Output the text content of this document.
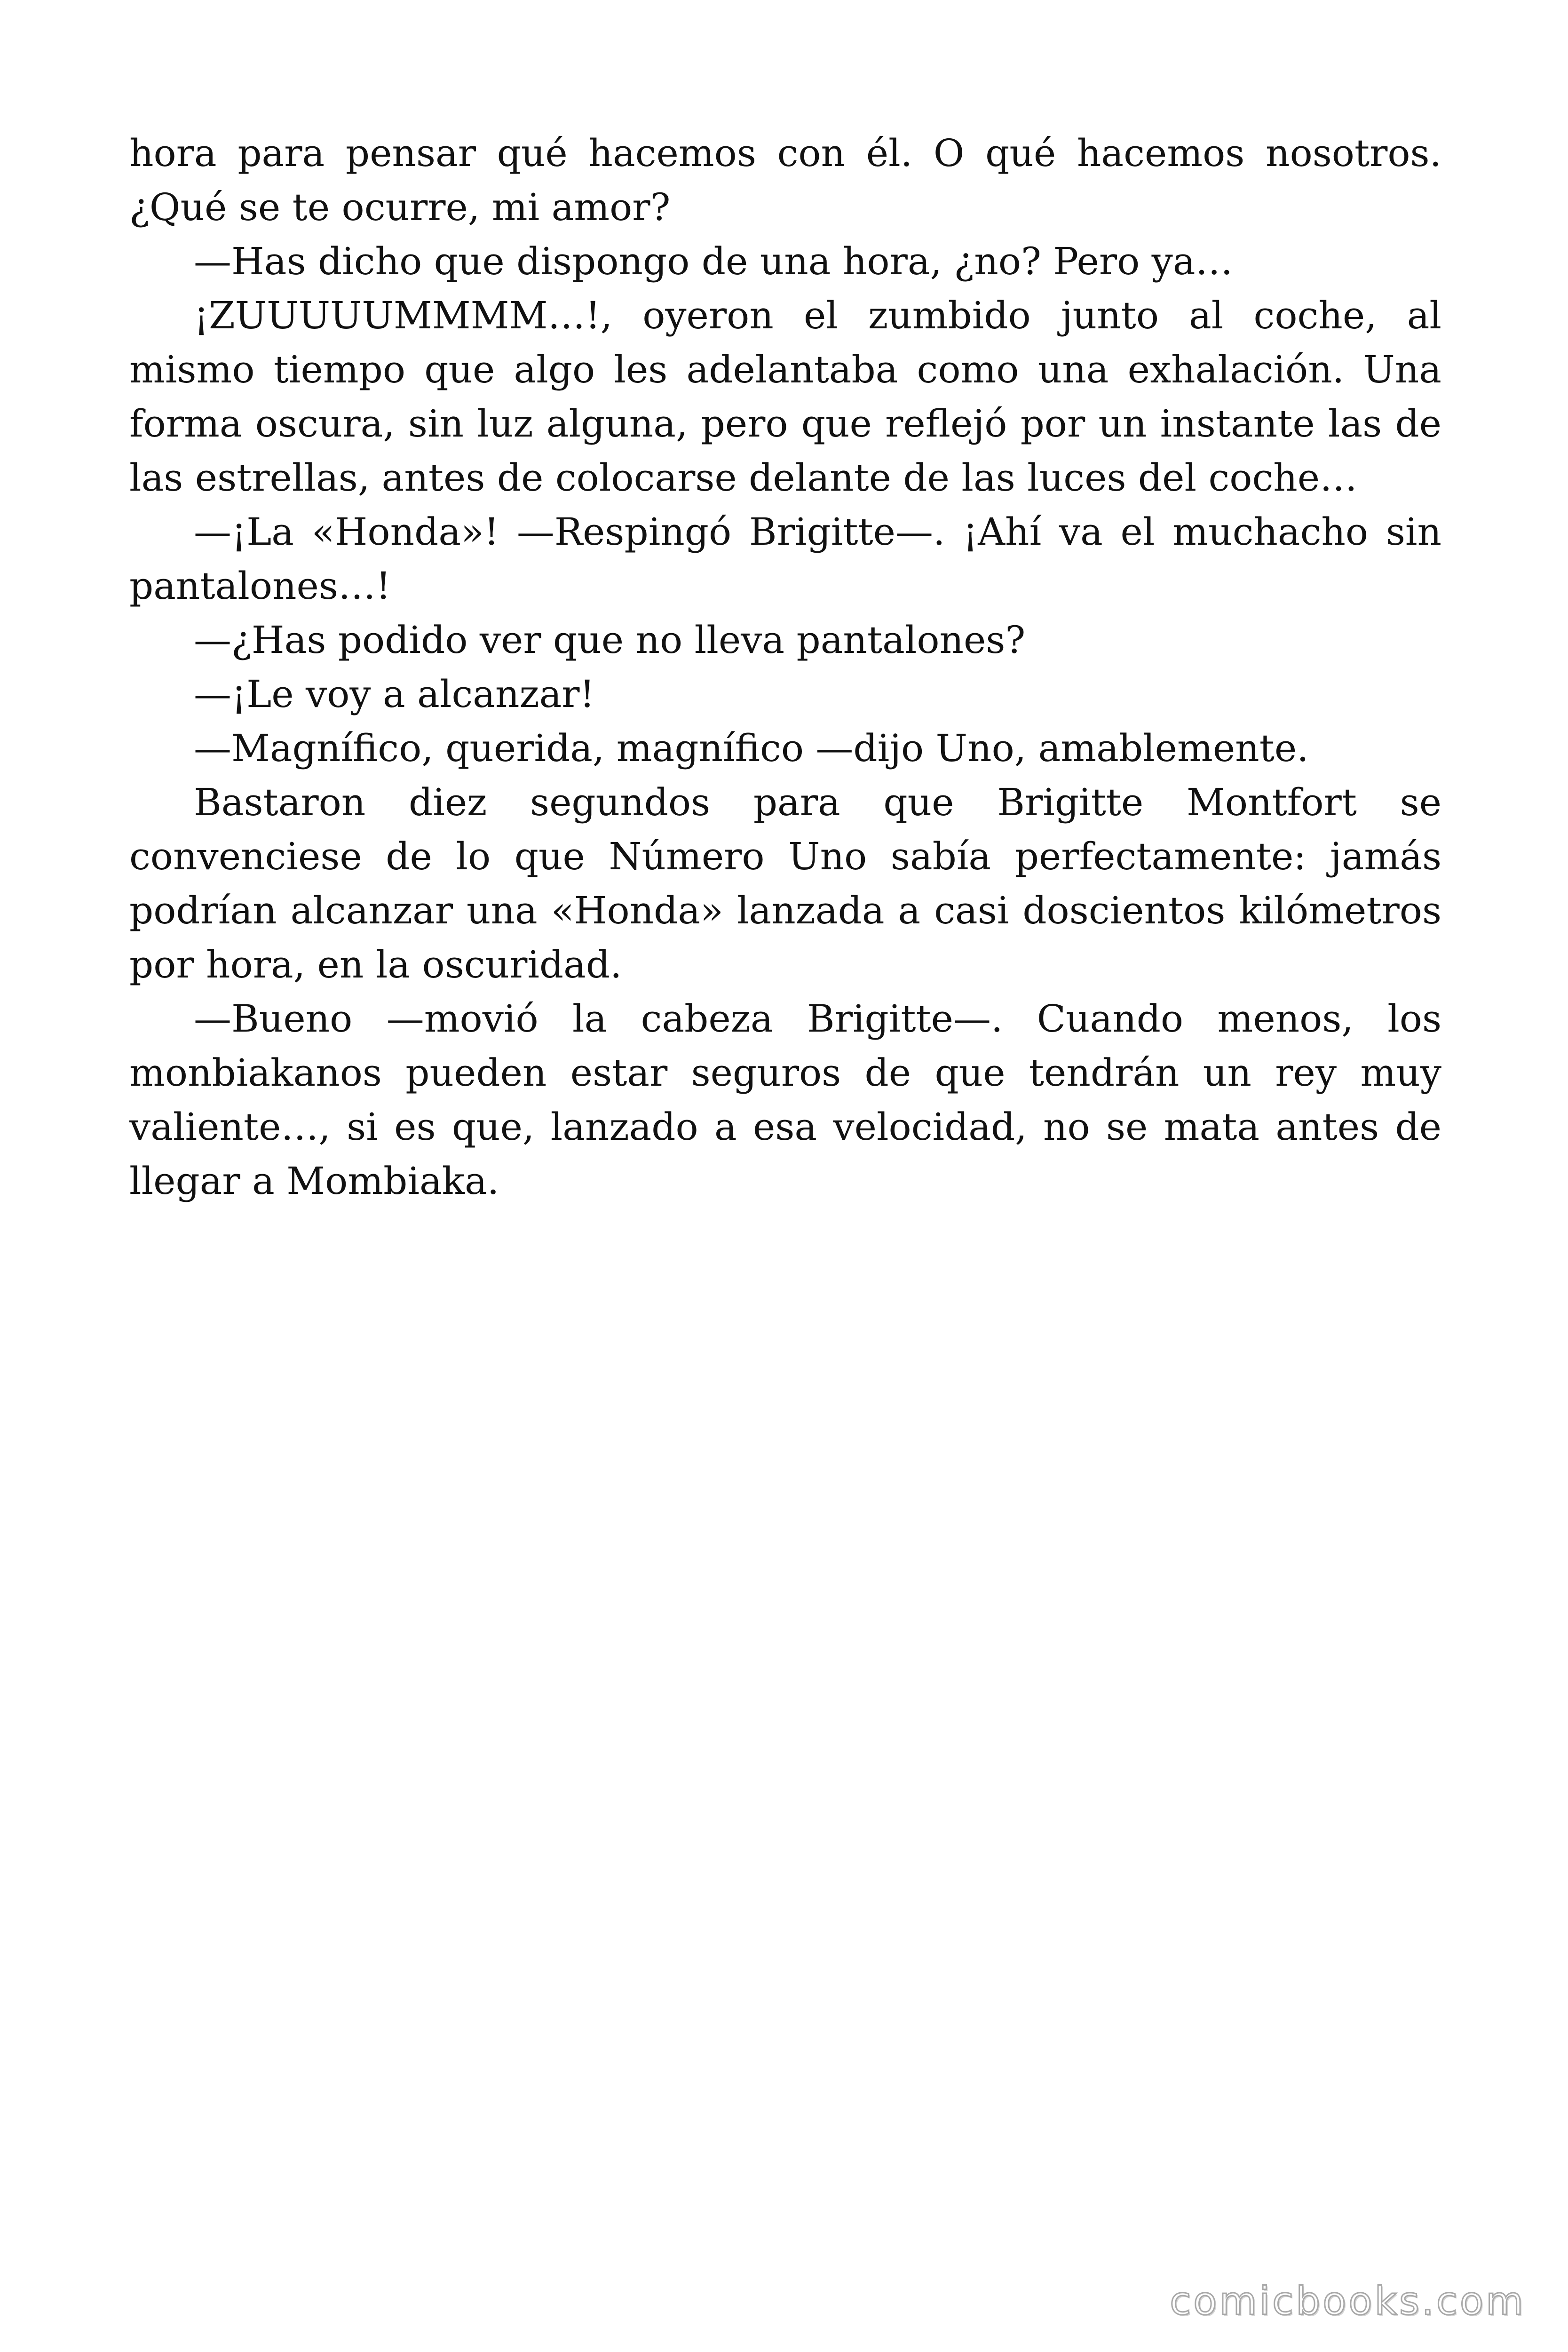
hora para pensar qué hacemos con él. O qué hacemos nosotros. ¿Qué se te ocurre, mi amor?

—Has dicho que dispongo de una hora, ¿no? Pero ya…

¡ZUUUUUMMMM…!, oyeron el zumbido junto al coche, al mismo tiempo que algo les adelantaba como una exhalación. Una forma oscura, sin luz alguna, pero que reflejó por un instante las de las estrellas, antes de colocarse delante de las luces del coche…

—¡La «Honda»! —Respingó Brigitte—. ¡Ahí va el muchacho sin pantalones…!

—¿Has podido ver que no lleva pantalones?

—¡Le voy a alcanzar!

—Magnífico, querida, magnífico —dijo Uno, amablemente.

Bastaron diez segundos para que Brigitte Montfort se convenciese de lo que Número Uno sabía perfectamente: jamás podrían alcanzar una «Honda» lanzada a casi doscientos kilómetros por hora, en la oscuridad.

—Bueno —movió la cabeza Brigitte—. Cuando menos, los monbiakanos pueden estar seguros de que tendrán un rey muy valiente…, si es que, lanzado a esa velocidad, no se mata antes de llegar a Mombiaka.

comicbooks.com
